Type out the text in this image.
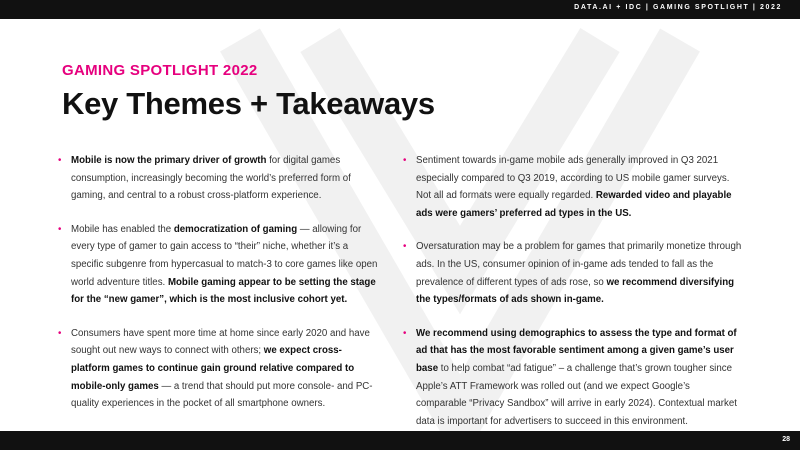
DATA.AI + IDC | GAMING SPOTLIGHT | 2022
GAMING SPOTLIGHT 2022
Key Themes + Takeaways
• Mobile is now the primary driver of growth for digital games consumption, increasingly becoming the world’s preferred form of gaming, and central to a robust cross-platform experience.
• Mobile has enabled the democratization of gaming — allowing for every type of gamer to gain access to “their” niche, whether it’s a specific subgenre from hypercasual to match-3 to core games like open world adventure titles. Mobile gaming appear to be setting the stage for the “new gamer”, which is the most inclusive cohort yet.
• Consumers have spent more time at home since early 2020 and have sought out new ways to connect with others; we expect cross-platform games to continue gain ground relative compared to mobile-only games — a trend that should put more console- and PC-quality experiences in the pocket of all smartphone owners.
• Sentiment towards in-game mobile ads generally improved in Q3 2021 especially compared to Q3 2019, according to US mobile gamer surveys. Not all ad formats were equally regarded. Rewarded video and playable ads were gamers’ preferred ad types in the US.
• Oversaturation may be a problem for games that primarily monetize through ads. In the US, consumer opinion of in-game ads tended to fall as the prevalence of different types of ads rose, so we recommend diversifying the types/formats of ads shown in-game.
• We recommend using demographics to assess the type and format of ad that has the most favorable sentiment among a given game’s user base to help combat “ad fatigue” – a challenge that’s grown tougher since Apple’s ATT Framework was rolled out (and we expect Google’s comparable “Privacy Sandbox” will arrive in early 2024). Contextual market data is important for advertisers to succeed in this environment.
28
